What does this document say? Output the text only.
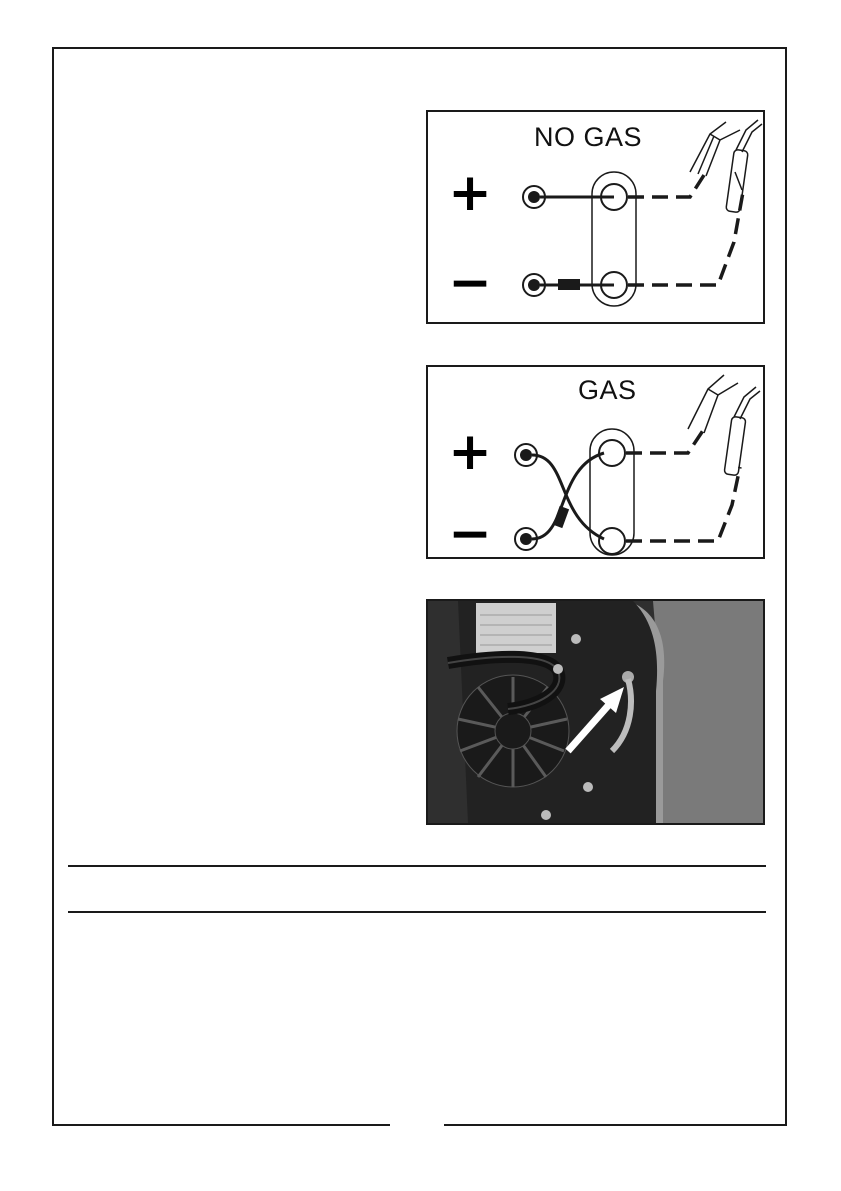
NO GAS
+
−
GAS
+
−
